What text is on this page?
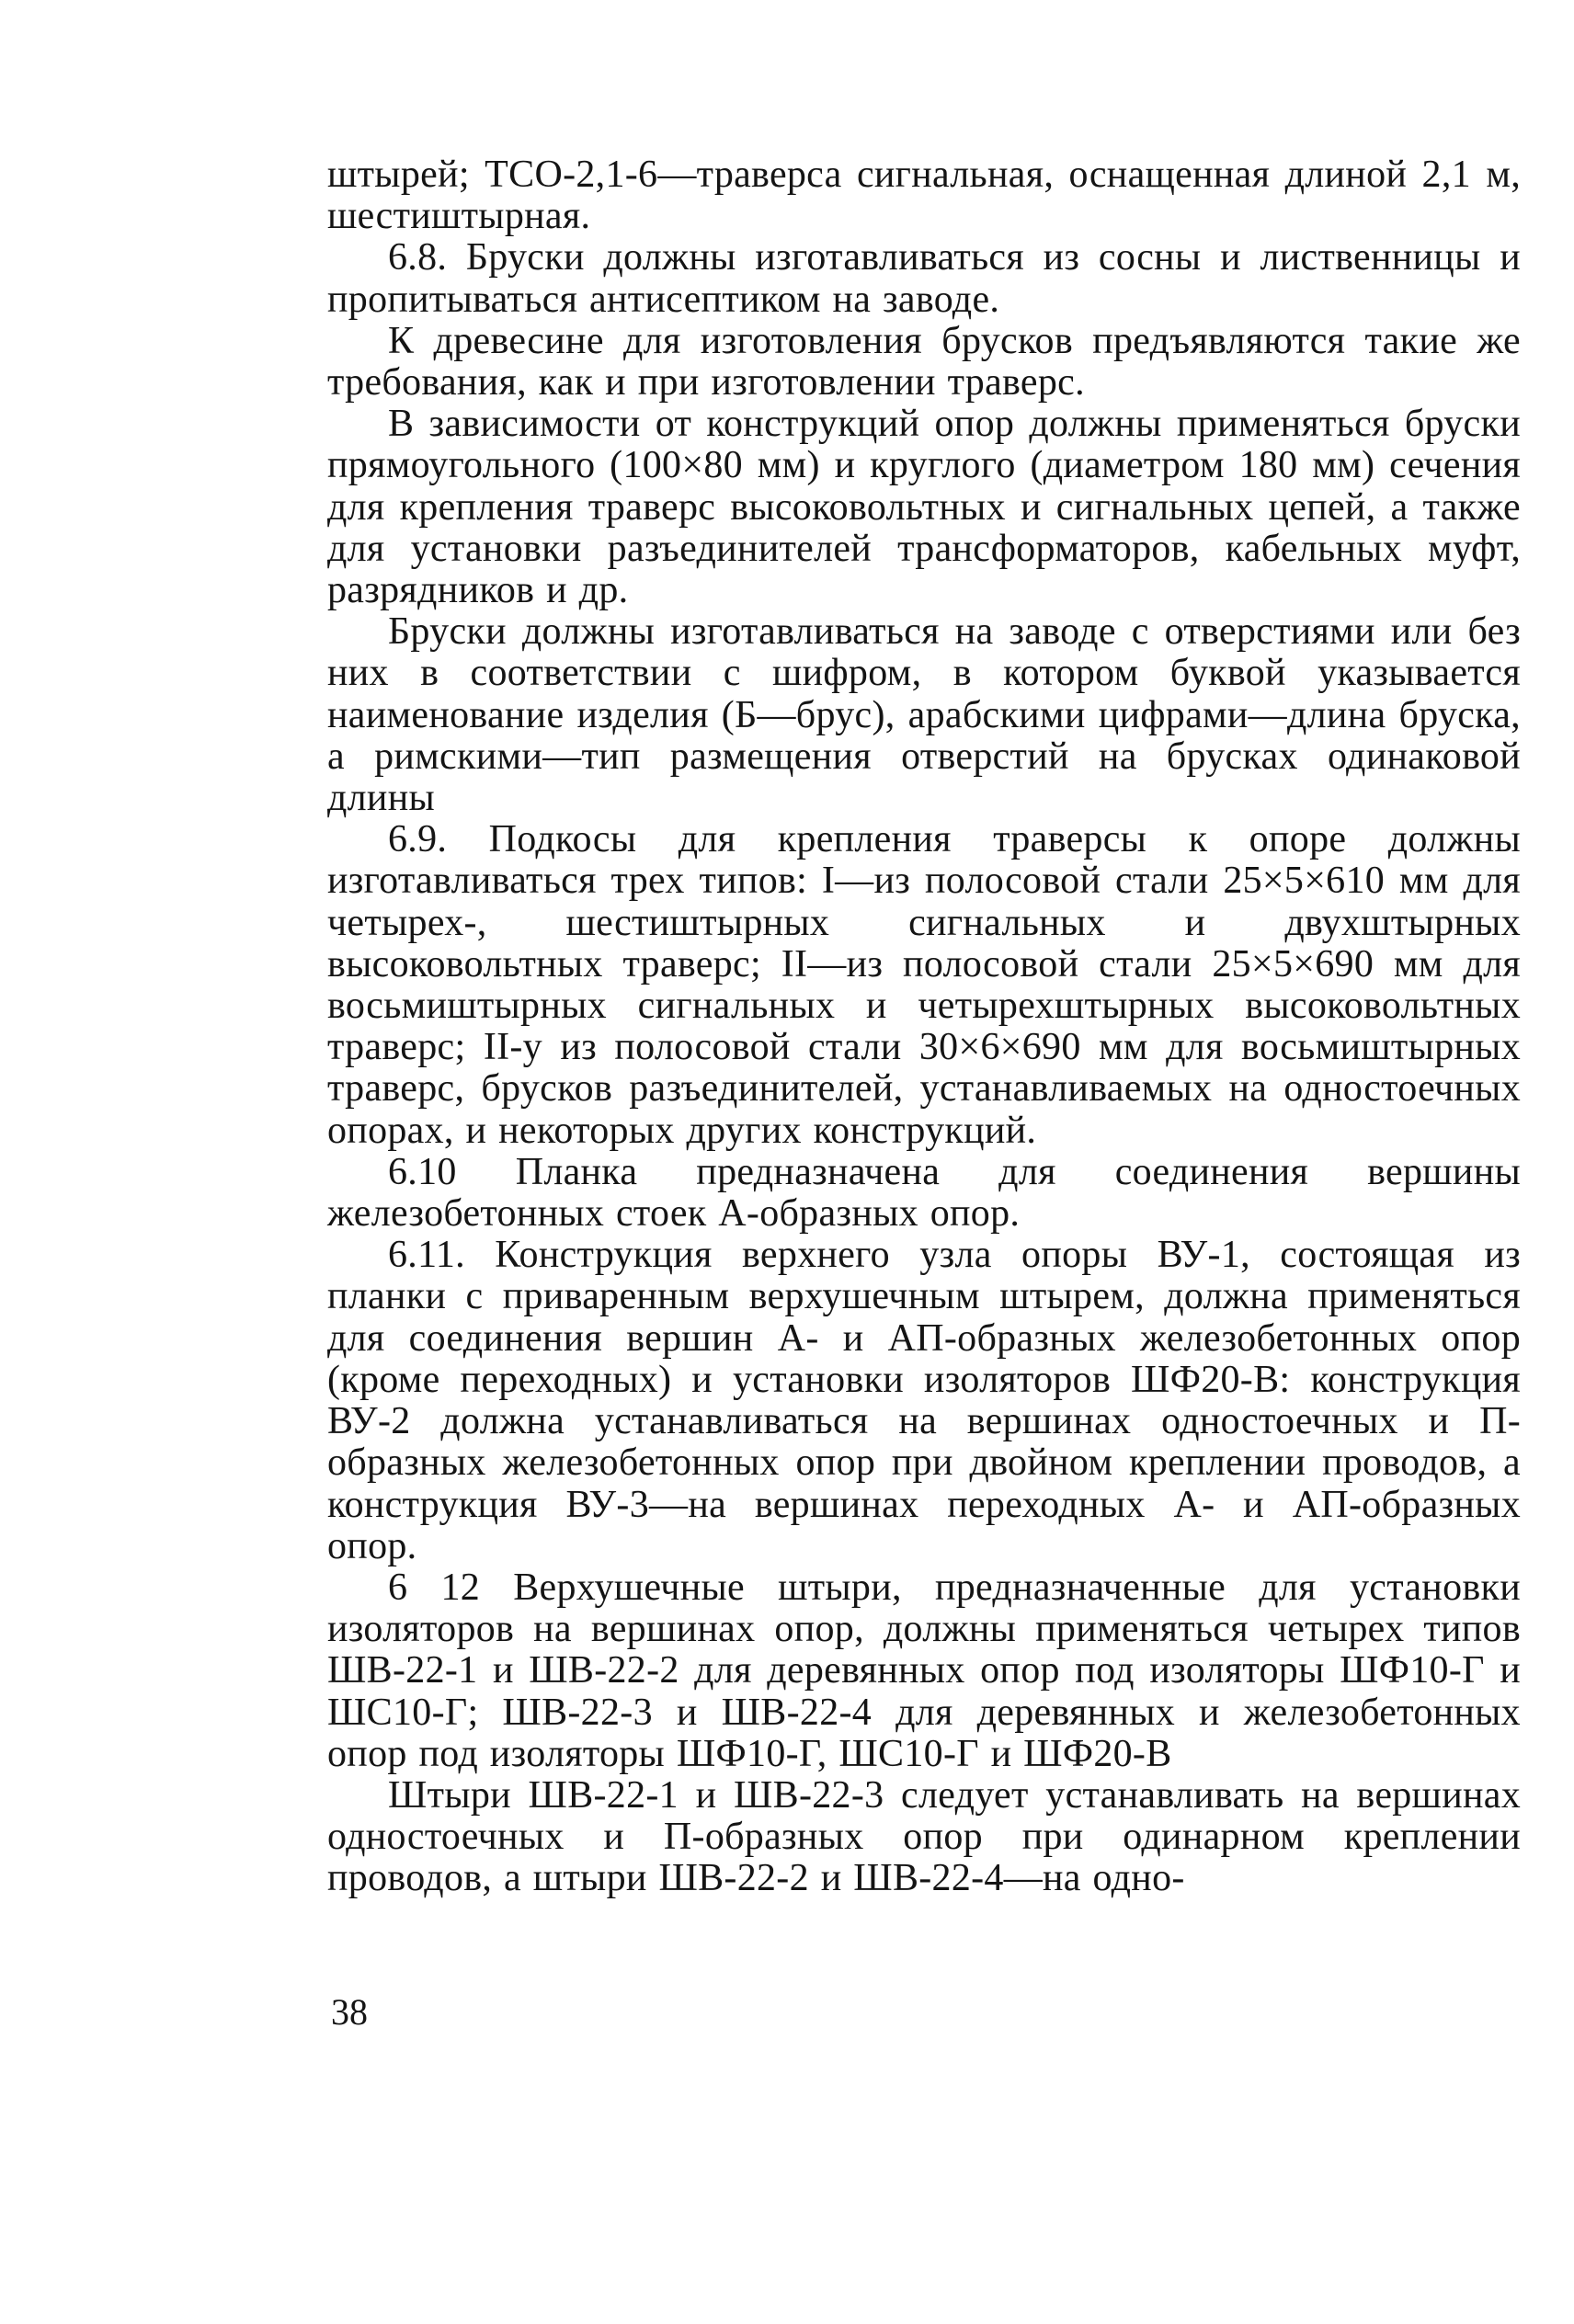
штырей; ТСО-2,1-6—траверса сигнальная, оснащенная длиной 2,1 м, шестиштырная.

6.8. Бруски должны изготавливаться из сосны и лиственницы и пропитываться антисептиком на заводе.

К древесине для изготовления брусков предъявляются такие же требования, как и при изготовлении траверс.

В зависимости от конструкций опор должны применяться бруски прямоугольного (100×80 мм) и круглого (диаметром 180 мм) сечения для крепления траверс высоковольтных и сигнальных цепей, а также для установки разъединителей трансформаторов, кабельных муфт, разрядников и др.

Бруски должны изготавливаться на заводе с отверстиями или без них в соответствии с шифром, в котором буквой указывается наименование изделия (Б—брус), арабскими цифрами—длина бруска, а римскими—тип размещения отверстий на брусках одинаковой длины

6.9. Подкосы для крепления траверсы к опоре должны изготавливаться трех типов: I—из полосовой стали 25×5×610 мм для четырех-, шестиштырных сигнальных и двухштырных высоковольтных траверс; II—из полосовой стали 25×5×690 мм для восьмиштырных сигнальных и четырехштырных высоковольтных траверс; II-у из полосовой стали 30×6×690 мм для восьмиштырных траверс, брусков разъединителей, устанавливаемых на одностоечных опорах, и некоторых других конструкций.

6.10 Планка предназначена для соединения вершины железобетонных стоек А-образных опор.

6.11. Конструкция верхнего узла опоры ВУ-1, состоящая из планки с приваренным верхушечным штырем, должна применяться для соединения вершин А- и АП-образных железобетонных опор (кроме переходных) и установки изоляторов ШФ20-В: конструкция ВУ-2 должна устанавливаться на вершинах одностоечных и П-образных железобетонных опор при двойном креплении проводов, а конструкция ВУ-3—на вершинах переходных А- и АП-образных опор.

6 12 Верхушечные штыри, предназначенные для установки изоляторов на вершинах опор, должны применяться четырех типов ШВ-22-1 и ШВ-22-2 для деревянных опор под изоляторы ШФ10-Г и ШС10-Г; ШВ-22-3 и ШВ-22-4 для деревянных и железобетонных опор под изоляторы ШФ10-Г, ШС10-Г и ШФ20-В

Штыри ШВ-22-1 и ШВ-22-3 следует устанавливать на вершинах одностоечных и П-образных опор при одинарном креплении проводов, а штыри ШВ-22-2 и ШВ-22-4—на одно-

38
